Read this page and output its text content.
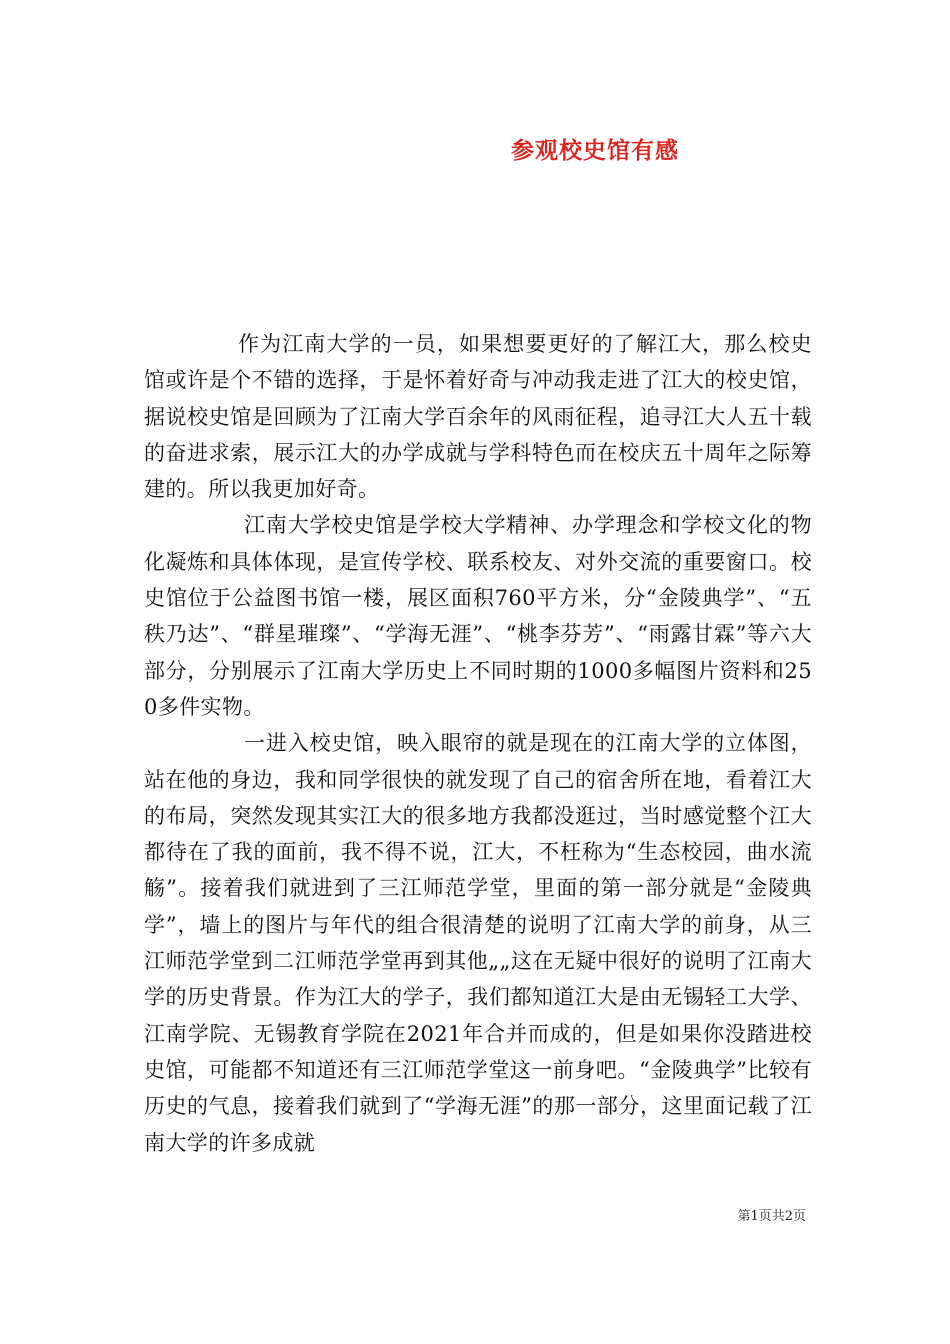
参观校史馆有感

作为江南大学的一员，如果想要更好的了解江大，那么校史馆或许是个不错的选择，于是怀着好奇与冲动我走进了江大的校史馆，据说校史馆是回顾为了江南大学百余年的风雨征程，追寻江大人五十载的奋进求索，展示江大的办学成就与学科特色而在校庆五十周年之际筹建的。所以我更加好奇。

江南大学校史馆是学校大学精神、办学理念和学校文化的物化凝炼和具体体现，是宣传学校、联系校友、对外交流的重要窗口。校史馆位于公益图书馆一楼，展区面积760平方米，分“金陵典学”、“五秩乃达”、“群星璀璨”、“学海无涯”、“桃李芬芳”、“雨露甘霖”等六大部分，分别展示了江南大学历史上不同时期的1000多幅图片资料和250多件实物。

一进入校史馆，映入眼帘的就是现在的江南大学的立体图，站在他的身边，我和同学很快的就发现了自己的宿舍所在地，看着江大的布局，突然发现其实江大的很多地方我都没逛过，当时感觉整个江大都待在了我的面前，我不得不说，江大，不枉称为“生态校园，曲水流觞”。接着我们就进到了三江师范学堂，里面的第一部分就是“金陵典学”，墙上的图片与年代的组合很清楚的说明了江南大学的前身，从三江师范学堂到二江师范学堂再到其他„„这在无疑中很好的说明了江南大学的历史背景。作为江大的学子，我们都知道江大是由无锡轻工大学、江南学院、无锡教育学院在2021年合并而成的，但是如果你没踏进校史馆，可能都不知道还有三江师范学堂这一前身吧。“金陵典学”比较有历史的气息，接着我们就到了“学海无涯”的那一部分，这里面记载了江南大学的许多成就

第1页共2页
